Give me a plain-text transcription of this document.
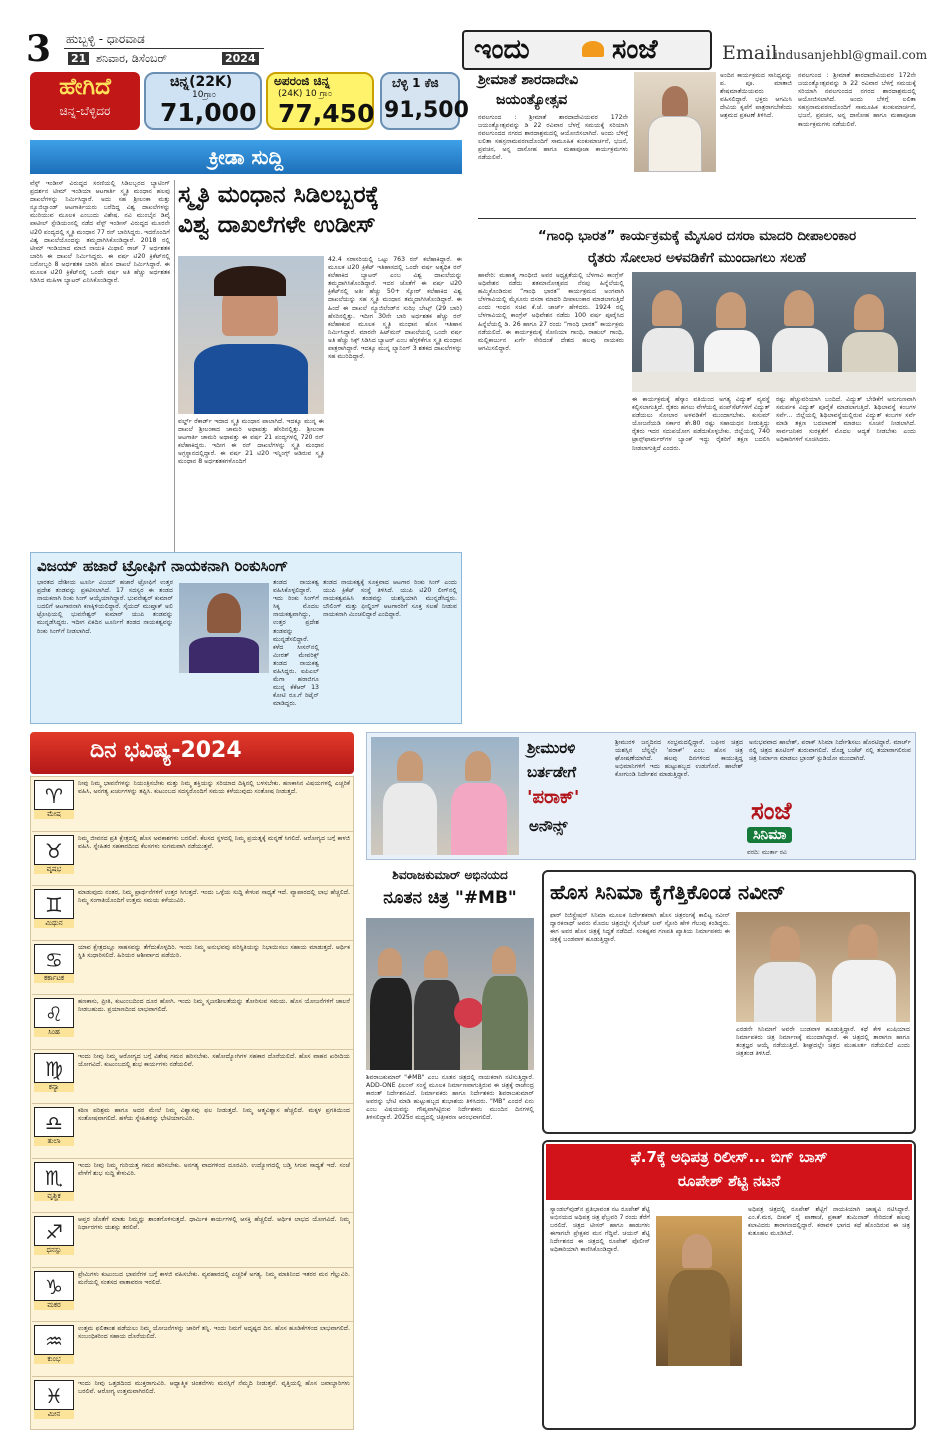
3 ಹುಬ್ಬಳ್ಳಿ - ಧಾರವಾಡ
21 ಶನಿವಾರ, ಡಿಸೆಂಬರ್	2024	ಇಂದು	ಸಂಜೆ	Email
indusanjehbl@gmail.com
ಹೇಗಿದೆ
ಚಿನ್ನ-ಬೆಳ್ಳಿದರ
ಚಿನ್ನ(22K)
10ಗ್ರಾಂ
71,000
ಅಪರಂಜಿ ಚಿನ್ನ
(24K) 10 ಗ್ರಾಂ
77,450
ಬೆಳ್ಳಿ 1 ಕೆಜಿ
91,500
ಕ್ರೀಡಾ ಸುದ್ದಿ
ವೆಸ್ಟ್ ಇಂಡೀಸ್ ವಿರುದ್ಧದ ಸರಣಿಯಲ್ಲಿ ಸಿಡಿಲಬ್ಬರದ ಬ್ಯಾಟಿಂಗ್ ಪ್ರದರ್ಶನ ಟೀಮ್ ಇಂಡಿಯಾ ಆಟಗಾರ್ತಿ ಸ್ಮೃತಿ ಮಂಧಾನ ಹಲವು ದಾಖಲೆಗಳನ್ನು ನಿರ್ಮಿಸಿದ್ದಾರೆ. ಅದು ಸಹ ಶ್ರೀಲಂಕಾ ಮತ್ತು ನ್ಯೂಜಿಲ್ಯಾಂಡ್ ಆಟಗಾರ್ತಿಯರು ಬರೆದಿದ್ದ ವಿಶ್ವ ದಾಖಲೆಗಳನ್ನು ಮುರಿಯುವ ಮೂಲಕ ಎಂಬುದು ವಿಶೇಷ. ನವಿ ಮುಂಬೈನ ಡಿವೈ ಪಾಟೀಲ್ ಸ್ಟೇಡಿಯಂನಲ್ಲಿ ನಡೆದ ವೆಸ್ಟ್ ಇಂಡೀಸ್ ವಿರುದ್ಧದ ಮೂರನೇ ಟಿ20 ಪಂದ್ಯದಲ್ಲಿ ಸ್ಮೃತಿ ಮಂಧಾನ 77 ರನ್ ಬಾರಿಸಿದ್ದರು. ಇದರೊಂದಿಗೆ ವಿಶ್ವ ದಾಖಲೆಯೊಂದನ್ನು ತಮ್ಮದಾಗಿಸಿಕೊಂಡಿದ್ದಾರೆ. 2018 ರಲ್ಲಿ ಟೀಮ್ ಇಂಡಿಯಾದ ಮಾಜಿ ನಾಯಕಿ ಮಿಥಾಲಿ ರಾಜ್ 7 ಅರ್ಧಶತಕ ಬಾರಿಸಿ ಈ ದಾಖಲೆ ನಿರ್ಮಿಸಿದ್ದರು. ಈ ವರ್ಷ ಟಿ20 ಕ್ರಿಕೆಟ್‌ನಲ್ಲಿ ಬರೋಬ್ಬರಿ 8 ಅರ್ಧಶತಕ ಬಾರಿಸಿ ಹೊಸ ದಾಖಲೆ ನಿರ್ಮಿಸಿದ್ದಾರೆ. ಈ ಮೂಲಕ ಟಿ20 ಕ್ರಿಕೆಟ್‌ನಲ್ಲಿ ಒಂದೇ ವರ್ಷ ಅತಿ ಹೆಚ್ಚು ಅರ್ಧಶತಕ ಸಿಡಿಸಿದ ಮಹಿಳಾ ಬ್ಯಾಟರ್ ಎನಿಸಿಕೊಂಡಿದ್ದಾರೆ.
ಸ್ಮೃತಿ ಮಂಧಾನ ಸಿಡಿಲಬ್ಬರಕ್ಕೆ
ವಿಶ್ವ ದಾಖಲೆಗಳೇ ಉಡೀಸ್
ವರ್ಲ್ಡ್ ರೆಕಾರ್ಡ್ ಇದಾದ ಸ್ಮೃತಿ ಮಂಧಾನ ಪಾಲಾಗಿದೆ. ಇದಕ್ಕೂ ಮುನ್ನ ಈ ದಾಖಲೆ ಶ್ರೀಲಂಕಾದ ಚಾಮರಿ ಅಥಾಪತ್ತು ಹೆಸರಿನಲ್ಲಿತ್ತು. ಶ್ರೀಲಂಕಾ ಆಟಗಾರ್ತಿ ಚಾಮರಿ ಅಥಾಪತ್ತು ಈ ವರ್ಷ 21 ಪಂದ್ಯಗಳಲ್ಲಿ 720 ರನ್ ಕಲೆಹಾಕಿದ್ದರು. ಇದೀಗ ಈ ರನ್ ದಾಖಲೆಗಳನ್ನು ಸ್ಮೃತಿ ಮಂಧಾನ ಅಗ್ರಸ್ಥಾನದಲ್ಲಿದ್ದಾರೆ. ಈ ವರ್ಷ 21 ಟಿ20 ಇನ್ನಿಂಗ್ಸ್ ಆಡಿರುವ ಸ್ಮೃತಿ ಮಂಧಾನ 8 ಅರ್ಧಶತಕಗಳೊಂದಿಗೆ
42.4 ಸರಾಸರಿಯಲ್ಲಿ ಒಟ್ಟು 763 ರನ್ ಕಲೆಹಾಕಿದ್ದಾರೆ. ಈ ಮೂಲಕ ಟಿ20 ಕ್ರಿಕೆಟ್ ಇತಿಹಾಸದಲ್ಲಿ ಒಂದೇ ವರ್ಷ ಅತ್ಯಧಿಕ ರನ್ ಕಲೆಹಾಕಿದ ಬ್ಯಾಟರ್ ಎಂಬ ವಿಶ್ವ ದಾಖಲೆಯನ್ನು ತಮ್ಮದಾಗಿಸಿಕೊಂಡಿದ್ದಾರೆ. ಇದರ ಜೊತೆಗೆ ಈ ವರ್ಷ ಟಿ20 ಕ್ರಿಕೆಟ್‌ನಲ್ಲಿ ಅತೀ ಹೆಚ್ಚು 50+ ಸ್ಕೋರ್ ಕಲೆಹಾಕಿದ ವಿಶ್ವ ದಾಖಲೆಯನ್ನು ಸಹ ಸ್ಮೃತಿ ಮಂಧಾನ ತಮ್ಮದಾಗಿಸಿಕೊಂಡಿದ್ದಾರೆ. ಈ ಹಿಂದೆ ಈ ದಾಖಲೆ ನ್ಯೂಜಿಲೆಂಡ್‌ನ ಸುಝಿ ಬೇಟ್ಸ್ (29 ಬಾರಿ) ಹೆಸರಿನಲ್ಲಿತ್ತು. ಇದೀಗ 30ನೇ ಬಾರಿ ಅರ್ಧಶತಕ ಹೆಚ್ಚು ರನ್ ಕಲೆಹಾಕುವ ಮೂಲಕ ಸ್ಮೃತಿ ಮಂಧಾನ ಹೊಸ ಇತಿಹಾಸ ನಿರ್ಮಿಸಿದ್ದಾರೆ. ಮಾರನೇ ಹಿಟ್‌ಮನ್ ದಾಖಲೆಯಲ್ಲಿ ಒಂದೇ ವರ್ಷ ಅತಿ ಹೆಚ್ಚು ಸಿಕ್ಸ್ ಸಿಡಿಸಿದ ಬ್ಯಾಟರ್ ಎಂಬ ಹೆಗ್ಗಳಿಕೆಗೂ ಸ್ಮೃತಿ ಮಂಧಾನ ಪಾತ್ರರಾಗಿದ್ದಾರೆ. ಇದಕ್ಕೂ ಮುನ್ನ ಲ್ಯಾನಿಂಗ್ 3 ಶತಕದ ದಾಖಲೆಗಳನ್ನು ಸಹ ಮುರಿದಿದ್ದಾರೆ.
ವಿಜಯ್ ಹಜಾರೆ ಟ್ರೋಫಿಗೆ ನಾಯಕನಾಗಿ ರಿಂಕುಸಿಂಗ್
ಭಾರತದ ದೇಶೀಯ ಟೂರ್ನಿ ವಿಜಯ್ ಹಜಾರೆ ಟ್ರೋಫಿಗೆ ಉತ್ತರ ಪ್ರದೇಶ ತಂಡವನ್ನು ಪ್ರಕಟಿಸಲಾಗಿದೆ. 17 ಸದಸ್ಯರ ಈ ತಂಡದ ನಾಯಕನಾಗಿ ರಿಂಕು ಸಿಂಗ್ ಆಯ್ಕೆಯಾಗಿದ್ದಾರೆ. ಭುವನೇಶ್ವರ್ ಕುಮಾರ್ ಬದಲಿಗೆ ಆಟಗಾರನಾಗಿ ಕಣಕ್ಕಿಳಿಯಲಿದ್ದಾರೆ. ಸೈಯದ್ ಮುಷ್ತಾಕ್ ಅಲಿ ಟ್ರೋಫಿಯಲ್ಲಿ ಭುವನೇಶ್ವರ್ ಕುಮಾರ್ ಯುಪಿ ತಂಡವನ್ನು ಮುನ್ನಡೆಸಿದ್ದರು. ಇದೀಗ ಏಕದಿನ ಟೂರ್ನಿಗೆ ತಂಡದ ನಾಯಕತ್ವವನ್ನು ರಿಂಕು ಸಿಂಗ್‌ಗೆ ನೀಡಲಾಗಿದೆ.
ತಂಡದ ನಾಯಕತ್ವ ವಹಿಸಿಕೊಳ್ಳಲಿದ್ದಾರೆ. ಇದು ರಿಂಕು ಸಿಂಗ್‌ಗೆ ಸಿಕ್ಕ ಮೊದಲ ನಾಯಕತ್ವವಾಗಿದ್ದು, ಉತ್ತರ ಪ್ರದೇಶ ತಂಡವನ್ನು ಮುನ್ನಡೆಸಲಿದ್ದಾರೆ. ಕಳೆದ ಸೀಸನ್‌ನಲ್ಲಿ ಮೀರತ್ ಮೇವರಿಕ್ಸ್ ತಂಡದ ನಾಯಕತ್ವ ವಹಿಸಿದ್ದರು. ಐಪಿಎಲ್ ಮೆಗಾ ಹರಾಜಿಗೂ ಮುನ್ನ ಕೆಕೆಆರ್ 13 ಕೋಟಿ ರೂ.ಗೆ ರಿಟೈನ್ ಮಾಡಿದ್ದರು.
ತಂಡದ ನಾಯಕತ್ವಕ್ಕೆ ಸೂಕ್ತವಾದ ಆಟಗಾರ ರಿಂಕು ಸಿಂಗ್ ಎಂದು ಯುಪಿ ಕ್ರಿಕೆಟ್ ಸಂಸ್ಥೆ ತಿಳಿಸಿದೆ. ಯುಪಿ ಟಿ20 ಲೀಗ್‌ನಲ್ಲಿ ನಾಯಕತ್ವವಹಿಸಿ ತಂಡವನ್ನು ಯಶಸ್ವಿಯಾಗಿ ಮುನ್ನಡೆಸಿದ್ದರು. ಬೌಲಿಂಗ್ ಮತ್ತು ಫೀಲ್ಡಿಂಗ್ ಆಟಗಾರರಿಗೆ ಸೂಕ್ತ ಸಲಹೆ ನೀಡುವ ನಾಯಕನಾಗಿ ಮಿಂಚಲಿದ್ದಾರೆ ಎಂದಿದ್ದಾರೆ.
ಶ್ರೀಮಾತೆ ಶಾರದಾದೇವಿ
ಜಯಂತ್ಯೋತ್ಸವ
ನವಲಗುಂದ : ಶ್ರೀಮಾತೆ ಶಾರದಾದೇವಿಯವರ 172ನೇ ಜಯಂತ್ಯೋತ್ಸವವನ್ನು ಡಿ 22 ರವಿವಾರ ಬೆಳಗ್ಗೆ ಸಮಯಕ್ಕೆ ಸರಿಯಾಗಿ ನವಲಗುಂದದ ನಗರದ ಶಾರದಾಶ್ರಮದಲ್ಲಿ ಆಯೋಜಿಸಲಾಗಿದೆ. ಅಂದು ಬೆಳಿಗ್ಗೆ ಲಲಿತಾ ಸಹಸ್ರನಾಮಪಠಣದೊಂದಿಗೆ ಸಾಮೂಹಿಕ ಕುಂಕುಮಾರ್ಚನೆ, ಭಜನೆ, ಪ್ರವಚನ, ಅನ್ನ ದಾಸೋಹ ಹಾಗೂ ಮಹಾಪೂಜಾ ಕಾರ್ಯಕ್ರಮಗಳು ನಡೆಯಲಿವೆ.
ಅಂದಿನ ಕಾರ್ಯಕ್ರಮದ ಸಾನಿಧ್ಯವನ್ನು ಪ. ಪೂ. ಮಾತಾಜಿ ಶೇಷಮಾತೆಯಿಯವರು ವಹಿಸಲಿದ್ದಾರೆ. ಭಕ್ತರು ಆಗಮಿಸಿ ದೇವಿಯ ಕೃಪೆಗೆ ಪಾತ್ರರಾಗಬೇಕೆಂದು ಆಶ್ರಮದ ಪ್ರಕಟಣೆ ತಿಳಿಸಿದೆ.
ನವಲಗುಂದ : ಶ್ರೀಮಾತೆ ಶಾರದಾದೇವಿಯವರ 172ನೇ ಜಯಂತ್ಯೋತ್ಸವವನ್ನು ಡಿ 22 ರವಿವಾರ ಬೆಳಗ್ಗೆ ಸಮಯಕ್ಕೆ ಸರಿಯಾಗಿ ನವಲಗುಂದದ ನಗರದ ಶಾರದಾಶ್ರಮದಲ್ಲಿ ಆಯೋಜಿಸಲಾಗಿದೆ. ಅಂದು ಬೆಳಿಗ್ಗೆ ಲಲಿತಾ ಸಹಸ್ರನಾಮಪಠಣದೊಂದಿಗೆ ಸಾಮೂಹಿಕ ಕುಂಕುಮಾರ್ಚನೆ, ಭಜನೆ, ಪ್ರವಚನ, ಅನ್ನ ದಾಸೋಹ ಹಾಗೂ ಮಹಾಪೂಜಾ ಕಾರ್ಯಕ್ರಮಗಳು ನಡೆಯಲಿವೆ.
“ಗಾಂಧಿ ಭಾರತ” ಕಾರ್ಯಕ್ರಮಕ್ಕೆ ಮೈಸೂರ ದಸರಾ ಮಾದರಿ ದೀಪಾಲಂಕಾರ
ರೈತರು ಸೋಲಾರ ಅಳವಡಿಕೆಗೆ ಮುಂದಾಗಲು ಸಲಹೆ
ಹಾವೇರಿ: ಮಹಾತ್ಮ ಗಾಂಧೀಜಿ ಅವರ ಅಧ್ಯಕ್ಷತೆಯಲ್ಲಿ ಬೆಳಗಾವಿ ಕಾಂಗ್ರೆಸ್ ಅಧಿವೇಶನ ನಡೆದು ಶತಮಾನೋತ್ಸವದ ನೆನಪು ಹಿನ್ನೆಲೆಯಲ್ಲಿ ಹಮ್ಮಿಕೊಂಡಿರುವ “ಗಾಂಧಿ ಭಾರತ” ಕಾರ್ಯಕ್ರಮದ ಅಂಗವಾಗಿ ಬೆಳಗಾವಿಯಲ್ಲಿ ಮೈಸೂರು ದಸರಾ ಮಾದರಿ ದೀಪಾಲಂಕಾರ ಮಾಡಲಾಗುತ್ತಿದೆ ಎಂದು ಇಂಧನ ಸಚಿವ ಕೆ.ಜೆ. ಜಾರ್ಜ್ ಹೇಳಿದರು. 1924 ರಲ್ಲಿ ಬೆಳಗಾವಿಯಲ್ಲಿ ಕಾಂಗ್ರೆಸ್ ಅಧಿವೇಶನ ನಡೆದು 100 ವರ್ಷ ಪೂರೈಸಿದ ಹಿನ್ನೆಲೆಯಲ್ಲಿ ಡಿ. 26 ಹಾಗೂ 27 ರಂದು “ಗಾಂಧಿ ಭಾರತ” ಕಾರ್ಯಕ್ರಮ ನಡೆಯಲಿದೆ. ಈ ಕಾರ್ಯಕ್ರಮಕ್ಕೆ ಸೋನಿಯಾ ಗಾಂಧಿ, ರಾಹುಲ್ ಗಾಂಧಿ, ಮಲ್ಲಿಕಾರ್ಜುನ ಖರ್ಗೆ ಸೇರಿದಂತೆ ದೇಶದ ಹಲವು ನಾಯಕರು ಆಗಮಿಸಲಿದ್ದಾರೆ.
ಈ ಕಾರ್ಯಕ್ರಮಕ್ಕೆ ಹೆಸ್ಕಾಂ ವತಿಯಿಂದ ಅಗತ್ಯ ವಿದ್ಯುತ್ ವ್ಯವಸ್ಥೆ ಕಲ್ಪಿಸಲಾಗುತ್ತಿದೆ. ರೈತರು ಹಗಲು ವೇಳೆಯಲ್ಲಿ ಪಂಪ್‌ಸೆಟ್‌ಗಳಿಗೆ ವಿದ್ಯುತ್ ಪಡೆಯಲು ಸೋಲಾರ ಅಳವಡಿಕೆಗೆ ಮುಂದಾಗಬೇಕು. ಕುಸುಮ್ ಯೋಜನೆಯಡಿ ಸರ್ಕಾರ ಶೇ.80 ರಷ್ಟು ಸಹಾಯಧನ ನೀಡುತ್ತಿದ್ದು ರೈತರು ಇದರ ಸದುಪಯೋಗ ಪಡೆದುಕೊಳ್ಳಬೇಕು. ಜಿಲ್ಲೆಯಲ್ಲಿ 740 ಟ್ರಾನ್ಸ್‌ಫಾರ್ಮರ್‌ಗಳ ಬ್ಯಾಂಕ್ ಇದ್ದು ರೈತರಿಗೆ ತಕ್ಷಣ ಬದಲಿಸಿ ನೀಡಲಾಗುತ್ತಿದೆ ಎಂದರು.
ರಷ್ಟು ಹೆಚ್ಚುವರಿಯಾಗಿ ಬಂದಿದೆ. ವಿದ್ಯುತ್ ಬೇಡಿಕೆಗೆ ಅನುಗುಣವಾಗಿ ಸಮರ್ಪಕ ವಿದ್ಯುತ್ ಪೂರೈಕೆ ಮಾಡಲಾಗುತ್ತಿದೆ. ಶಿಥಿಲಾವಸ್ಥೆ ಕಂಬಗಳ ಸರ್ವೆ... ಜಿಲ್ಲೆಯಲ್ಲಿ ಶಿಥಿಲಾವಸ್ಥೆಯಲ್ಲಿರುವ ವಿದ್ಯುತ್ ಕಂಬಗಳ ಸರ್ವೆ ಮಾಡಿ ತಕ್ಷಣ ಬದಲಾವಣೆ ಮಾಡಲು ಸೂಚನೆ ನೀಡಲಾಗಿದೆ. ಸಾರ್ವಜನಿಕರ ಸುರಕ್ಷತೆಗೆ ಮೊದಲ ಆದ್ಯತೆ ನೀಡಬೇಕು ಎಂದು ಅಧಿಕಾರಿಗಳಿಗೆ ಸೂಚಿಸಿದರು.
ದಿನ ಭವಿಷ್ಯ-2024
♈
ಮೇಷ
ನೀವು ನಿಮ್ಮ ಭಾವನೆಗಳನ್ನು ನಿಯಂತ್ರಿಸಬೇಕು ಮತ್ತು ನಿಮ್ಮ ಶಕ್ತಿಯನ್ನು ಸರಿಯಾದ ದಿಕ್ಕಿನಲ್ಲಿ ಬಳಸಬೇಕು. ಹಣಕಾಸಿನ ವಿಷಯಗಳಲ್ಲಿ ಎಚ್ಚರಿಕೆ ವಹಿಸಿ, ಅನಗತ್ಯ ಖರ್ಚುಗಳನ್ನು ತಪ್ಪಿಸಿ. ಕುಟುಂಬದ ಸದಸ್ಯರೊಂದಿಗೆ ಸಮಯ ಕಳೆಯುವುದು ಸಂತೋಷ ನೀಡುತ್ತದೆ.
♉
ವೃಷಭ
ನಿಮ್ಮ ಜೀವನದ ಪ್ರತಿ ಕ್ಷೇತ್ರದಲ್ಲಿ ಹೊಸ ಅವಕಾಶಗಳು ಬರಲಿವೆ. ಕೆಲಸದ ಸ್ಥಳದಲ್ಲಿ ನಿಮ್ಮ ಪ್ರಯತ್ನಕ್ಕೆ ಮನ್ನಣೆ ಸಿಗಲಿದೆ. ಆರೋಗ್ಯದ ಬಗ್ಗೆ ಕಾಳಜಿ ವಹಿಸಿ. ಸ್ನೇಹಿತರ ಸಹಕಾರದಿಂದ ಕೆಲಸಗಳು ಸುಗಮವಾಗಿ ನಡೆಯುತ್ತವೆ.
♊
ಮಿಥುನ
ಮಾಡುವುದು ನಂತರ, ನಿಮ್ಮ ಪ್ರಾರ್ಥನೆಗಳಿಗೆ ಉತ್ತರ ಸಿಗುತ್ತದೆ. ಇಂದು ಒಳ್ಳೆಯ ಸುದ್ದಿ ಕೇಳುವ ಸಾಧ್ಯತೆ ಇದೆ. ವ್ಯಾಪಾರದಲ್ಲಿ ಲಾಭ ಹೆಚ್ಚಲಿದೆ. ನಿಮ್ಮ ಸಂಗಾತಿಯೊಂದಿಗೆ ಉತ್ತಮ ಸಮಯ ಕಳೆಯುವಿರಿ.
♋
ಕರ್ಕಾಟಕ
ಯಾವ ಕ್ಷೇತ್ರದಲ್ಲೂ ಸಾಹಸವನ್ನು ತೆಗೆದುಕೊಳ್ಳದಿರಿ. ಇಂದು ನಿಮ್ಮ ಅನುಭವವು ಪರಿಸ್ಥಿತಿಯನ್ನು ನಿಭಾಯಿಸಲು ಸಹಾಯ ಮಾಡುತ್ತದೆ. ಆರ್ಥಿಕ ಸ್ಥಿತಿ ಸುಧಾರಿಸಲಿದೆ. ಹಿರಿಯರ ಆಶೀರ್ವಾದ ಪಡೆಯಿರಿ.
♌
ಸಿಂಹ
ಹಣಕಾಸು, ಪ್ರೀತಿ, ಕುಟುಂಬದಿಂದ ದೂರ ಹೋಗಿ. ಇಂದು ನಿಮ್ಮ ಸೃಜನಶೀಲತೆಯನ್ನು ತೋರಿಸುವ ಸಮಯ. ಹೊಸ ಯೋಜನೆಗಳಿಗೆ ಚಾಲನೆ ನೀಡಬಹುದು. ಪ್ರಯಾಣದಿಂದ ಲಾಭವಾಗಲಿದೆ.
♍
ಕನ್ಯಾ
ಇಂದು ನೀವು ನಿಮ್ಮ ಆರೋಗ್ಯದ ಬಗ್ಗೆ ವಿಶೇಷ ಗಮನ ಹರಿಸಬೇಕು. ಸಹೋದ್ಯೋಗಿಗಳ ಸಹಕಾರ ದೊರೆಯಲಿದೆ. ಹೊಸ ವಾಹನ ಖರೀದಿಯ ಯೋಗವಿದೆ. ಕುಟುಂಬದಲ್ಲಿ ಶುಭ ಕಾರ್ಯಗಳು ನಡೆಯಲಿವೆ.
♎
ತುಲಾ
ಕಠಿಣ ಪರಿಶ್ರಮ ಹಾಗೂ ಅದರ ಮೇಲೆ ನಿಮ್ಮ ವಿಶ್ವಾಸವು ಫಲ ನೀಡುತ್ತದೆ. ನಿಮ್ಮ ಆತ್ಮವಿಶ್ವಾಸ ಹೆಚ್ಚಲಿದೆ. ಮಕ್ಕಳ ಪ್ರಗತಿಯಿಂದ ಸಂತೋಷವಾಗಲಿದೆ. ಹಳೆಯ ಸ್ನೇಹಿತರನ್ನು ಭೇಟಿಯಾಗುವಿರಿ.
♏
ವೃಶ್ಚಿಕ
ಇಂದು ನೀವು ನಿಮ್ಮ ಗುರಿಯತ್ತ ಗಮನ ಹರಿಸಬೇಕು. ಅನಗತ್ಯ ವಾದಗಳಿಂದ ದೂರವಿರಿ. ಉದ್ಯೋಗದಲ್ಲಿ ಬಡ್ತಿ ಸಿಗುವ ಸಾಧ್ಯತೆ ಇದೆ. ಸಂಜೆ ವೇಳೆಗೆ ಶುಭ ಸುದ್ದಿ ಕೇಳುವಿರಿ.
♐
ಧನಸ್ಸು
ಆಪ್ತರ ಜೊತೆಗೆ ಮಾತು ನಿಮ್ಮನ್ನು ಶಾಂತಗೊಳಿಸುತ್ತದೆ. ಧಾರ್ಮಿಕ ಕಾರ್ಯಗಳಲ್ಲಿ ಆಸಕ್ತಿ ಹೆಚ್ಚಲಿದೆ. ಆರ್ಥಿಕ ಲಾಭದ ಯೋಗವಿದೆ. ನಿಮ್ಮ ನಿರ್ಧಾರಗಳು ಯಶಸ್ಸು ತರಲಿವೆ.
♑
ಮಕರ
ಪ್ರೇಮಿಗಳು ಕುಟುಂಬದ ಭಾವನೆಗಳ ಬಗ್ಗೆ ಕಾಳಜಿ ವಹಿಸಬೇಕು. ವ್ಯವಹಾರದಲ್ಲಿ ಎಚ್ಚರಿಕೆ ಅಗತ್ಯ. ನಿಮ್ಮ ಮಾತಿನಿಂದ ಇತರರ ಮನ ಗೆಲ್ಲುವಿರಿ. ಮನೆಯಲ್ಲಿ ಸಂತಸದ ವಾತಾವರಣ ಇರಲಿದೆ.
♒
ಕುಂಭ
ಉತ್ತಮ ಫಲಿತಾಂಶ ಪಡೆಯಲು ನಿಮ್ಮ ಯೋಜನೆಗಳನ್ನು ಜಾರಿಗೆ ತನ್ನಿ. ಇಂದು ನಿಮಗೆ ಅದೃಷ್ಟದ ದಿನ. ಹೊಸ ಹೂಡಿಕೆಗಳಿಂದ ಲಾಭವಾಗಲಿದೆ. ಸಂಬಂಧಿಕರಿಂದ ಸಹಾಯ ದೊರೆಯಲಿದೆ.
♓
ಮೀನ
ಇಂದು ನೀವು ಒತ್ತಡದಿಂದ ಮುಕ್ತರಾಗುವಿರಿ. ಆಧ್ಯಾತ್ಮಿಕ ಚಿಂತನೆಗಳು ಮನಸ್ಸಿಗೆ ನೆಮ್ಮದಿ ನೀಡುತ್ತವೆ. ವೃತ್ತಿಯಲ್ಲಿ ಹೊಸ ಜವಾಬ್ದಾರಿಗಳು ಬರಲಿವೆ. ಆರೋಗ್ಯ ಉತ್ತಮವಾಗಿರಲಿದೆ.
ಶ್ರೀಮುರಳಿ
ಬರ್ತಡೇಗೆ
'ಪರಾಕ್'
ಅನೌನ್ಸ್
ಶ್ರೀಮುರಳಿ ಜನ್ಮದಿನದ ಸಂಭ್ರಮದಲ್ಲಿದ್ದಾರೆ. ಬಘೀರ ಚಿತ್ರದ ಯಶಸ್ಸಿನ ಬೆನ್ನಲ್ಲೇ 'ಪರಾಕ್' ಎಂಬ ಹೊಸ ಚಿತ್ರ ಘೋಷಣೆಯಾಗಿದೆ. ಹಲವು ದಿನಗಳಿಂದ ಕಾಯುತ್ತಿದ್ದ ಅಭಿಮಾನಿಗಳಿಗೆ ಇದು ಹುಟ್ಟುಹಬ್ಬದ ಉಡುಗೊರೆ. ಹಾಲೇಶ್ ಕೋಗುಂಡಿ ನಿರ್ದೇಶನ ಮಾಡುತ್ತಿದ್ದಾರೆ.
ಅನುಭವವಾದ ಹಾಲೇಶ್, ಪರಾಕ್ ಸಿನಿಮಾ ನಿರ್ದೇಶಿಸಲು ಹೊರಟಿದ್ದಾರೆ. ಮಾರ್ಚ್ ನಲ್ಲಿ ಚಿತ್ರದ ಶೂಟಿಂಗ್ ಶುರುವಾಗಲಿದೆ. ದೊಡ್ಡ ಬಜೆಟ್ ನಲ್ಲಿ ತಯಾರಾಗಲಿರುವ ಚಿತ್ರ ನಿರ್ಮಾಣ ಮಾಡಲು ಬ್ರಾಂಡ್ ಸ್ಟುಡಿಯೋ ಮುಂದಾಗಿದೆ.
ಸಂಜೆ
ಸಿನಿಮಾ
ವರದಿ: ಮುರ್ತಾ ರವಿ
ಶಿವರಾಜಕುಮಾರ್ ಅಭಿನಯದ
ನೂತನ ಚಿತ್ರ "#MB"
ಶಿವರಾಜಕುಮಾರ್ "#MB" ಎಂಬ ನೂತನ ಚಿತ್ರದಲ್ಲಿ ನಾಯಕರಾಗಿ ನಟಿಸುತ್ತಿದ್ದಾರೆ. ADD-ONE ಫಿಲಂಸ್ ಸಂಸ್ಥೆ ಮೂಲಕ ನಿರ್ಮಾಣವಾಗುತ್ತಿರುವ ಈ ಚಿತ್ರಕ್ಕೆ ರಾಜೇಂದ್ರ ಕಾರಂತ್ ನಿರ್ದೇಶನವಿದೆ. ನಿರ್ಮಾಪಕರು ಹಾಗೂ ನಿರ್ದೇಶಕರು ಶಿವರಾಜಕುಮಾರ್ ಅವರನ್ನು ಭೇಟಿ ಮಾಡಿ ಹುಟ್ಟುಹಬ್ಬದ ಶುಭಾಶಯ ತಿಳಿಸಿದರು. "MB" ಎಂದರೆ ಏನು ಎಂಬ ವಿಷಯವನ್ನು ಗೌಪ್ಯವಾಗಿಟ್ಟಿರುವ ನಿರ್ದೇಶಕರು ಮುಂದಿನ ದಿನಗಳಲ್ಲಿ ತಿಳಿಸಲಿದ್ದಾರೆ. 2025ರ ಮಧ್ಯದಲ್ಲಿ ಚಿತ್ರೀಕರಣ ಆರಂಭವಾಗಲಿದೆ.
ಹೊಸ ಸಿನಿಮಾ ಕೈಗೆತ್ತಿಕೊಂಡ ನವೀನ್
ಫಾರ್ ರಿಜಿಸ್ಟ್ರೇಷನ್ ಸಿನಿಮಾ ಮೂಲಕ ನಿರ್ದೇಶಕರಾಗಿ ಹೊಸ ಚಿತ್ರರಂಗಕ್ಕೆ ಕಾಲಿಟ್ಟ ನವೀನ್ ದ್ವಾರಕನಾಥ್ ಅವರು ಮೊದಲ ಚಿತ್ರದಲ್ಲೇ ಸೈಲೆಂಟ್ ಲವ್ ಸ್ಟೋರಿ ಹೇಳಿ ಗೆಲುವು ಕಂಡಿದ್ದರು. ಈಗ ಅವರ ಹೊಸ ಚಿತ್ರಕ್ಕೆ ಸಿದ್ಧತೆ ನಡೆದಿದೆ. ಸಂಕಷ್ಟಕರ ಗಣಪತಿ ಖ್ಯಾತಿಯ ನಿರ್ಮಾಪಕರು ಈ ಚಿತ್ರಕ್ಕೆ ಬಂಡವಾಳ ಹೂಡುತ್ತಿದ್ದಾರೆ.
ಎರಡನೇ ಸಿನಿಮಾಗೆ ಅವರೇ ಬಂಡವಾಳ ಹೂಡುತ್ತಿದ್ದಾರೆ. ಕಥೆ ಕೇಳಿ ಖುಷಿಯಾದ ನಿರ್ಮಾಪಕರು ಚಿತ್ರ ನಿರ್ಮಾಣಕ್ಕೆ ಮುಂದಾಗಿದ್ದಾರೆ. ಈ ಚಿತ್ರದಲ್ಲಿ ತಾರಾಗಣ ಹಾಗೂ ತಂತ್ರಜ್ಞರ ಆಯ್ಕೆ ನಡೆಯುತ್ತಿದೆ. ಶೀಘ್ರದಲ್ಲೇ ಚಿತ್ರದ ಮುಹೂರ್ತ ನಡೆಯಲಿದೆ ಎಂದು ಚಿತ್ರತಂಡ ತಿಳಿಸಿದೆ.
ಫೆ.7ಕ್ಕೆ ಅಧಿಪತ್ರ ರಿಲೀಸ್... ಬಿಗ್ ಬಾಸ್
ರೂಪೇಶ್ ಶೆಟ್ಟಿ ನಟನೆ
ಸ್ಯಾಂಡಲ್‌ವುಡ್‌ನ ಪ್ರತಿಭಾವಂತ ನಟ ರೂಪೇಶ್ ಶೆಟ್ಟಿ ಅಭಿನಯದ ಅಧಿಪತ್ರ ಚಿತ್ರ ಫೆಬ್ರವರಿ 7 ರಂದು ತೆರೆಗೆ ಬರಲಿದೆ. ಚಿತ್ರದ ಟೀಸರ್ ಹಾಗೂ ಹಾಡುಗಳು ಈಗಾಗಲೇ ಪ್ರೇಕ್ಷಕರ ಮನ ಗೆದ್ದಿವೆ. ಚಯನ್ ಶೆಟ್ಟಿ ನಿರ್ದೇಶನದ ಈ ಚಿತ್ರದಲ್ಲಿ ರೂಪೇಶ್ ಪೊಲೀಸ್ ಅಧಿಕಾರಿಯಾಗಿ ಕಾಣಿಸಿಕೊಂಡಿದ್ದಾರೆ.
ಅಧಿಪತ್ರ ಚಿತ್ರದಲ್ಲಿ ರೂಪೇಶ್ ಶೆಟ್ಟಿಗೆ ನಾಯಕಿಯಾಗಿ ಜಾಹ್ನವಿ ನಟಿಸಿದ್ದಾರೆ. ಎಂ.ಕೆ.ಮಠ, ದೀಪಕ್ ರೈ ಪಾಣಾಜೆ, ಪ್ರಕಾಶ್ ತುಮಿನಾಡ್ ಸೇರಿದಂತೆ ಹಲವು ಕಲಾವಿದರು ತಾರಾಗಣದಲ್ಲಿದ್ದಾರೆ. ಕರಾವಳಿ ಭಾಗದ ಕಥೆ ಹೊಂದಿರುವ ಈ ಚಿತ್ರ ಕುತೂಹಲ ಮೂಡಿಸಿದೆ.
